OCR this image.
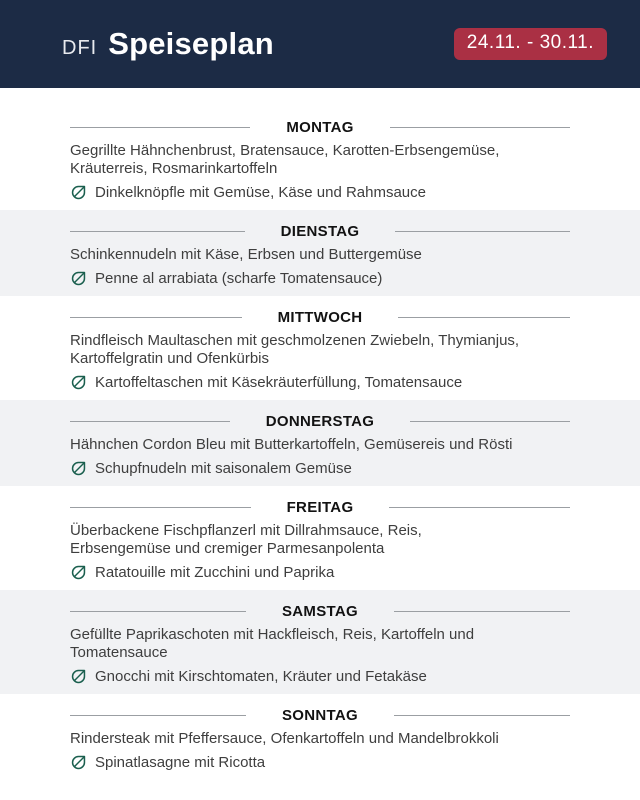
DFI Speiseplan	24.11. - 30.11.
MONTAG
Gegrillte Hähnchenbrust, Bratensauce, Karotten-Erbsengemüse,
Kräuterreis, Rosmarinkartoffeln
Dinkelknöpfle mit Gemüse, Käse und Rahmsauce
DIENSTAG
Schinkennudeln mit Käse, Erbsen und Buttergemüse
Penne al arrabiata (scharfe Tomatensauce)
MITTWOCH
Rindfleisch Maultaschen mit geschmolzenen Zwiebeln, Thymianjus,
Kartoffelgratin und Ofenkürbis
Kartoffeltaschen mit Käsekräuterfüllung, Tomatensauce
DONNERSTAG
Hähnchen Cordon Bleu mit Butterkartoffeln, Gemüsereis und Rösti
Schupfnudeln mit saisonalem Gemüse
FREITAG
Überbackene Fischpflanzerl mit Dillrahmsauce, Reis,
Erbsengemüse und cremiger Parmesanpolenta
Ratatouille mit Zucchini und Paprika
SAMSTAG
Gefüllte Paprikaschoten mit Hackfleisch, Reis, Kartoffeln und
Tomatensauce
Gnocchi mit Kirschtomaten, Kräuter und Fetakäse
SONNTAG
Rindersteak mit Pfeffersauce, Ofenkartoffeln und Mandelbrokkoli
Spinatlasagne mit Ricotta
